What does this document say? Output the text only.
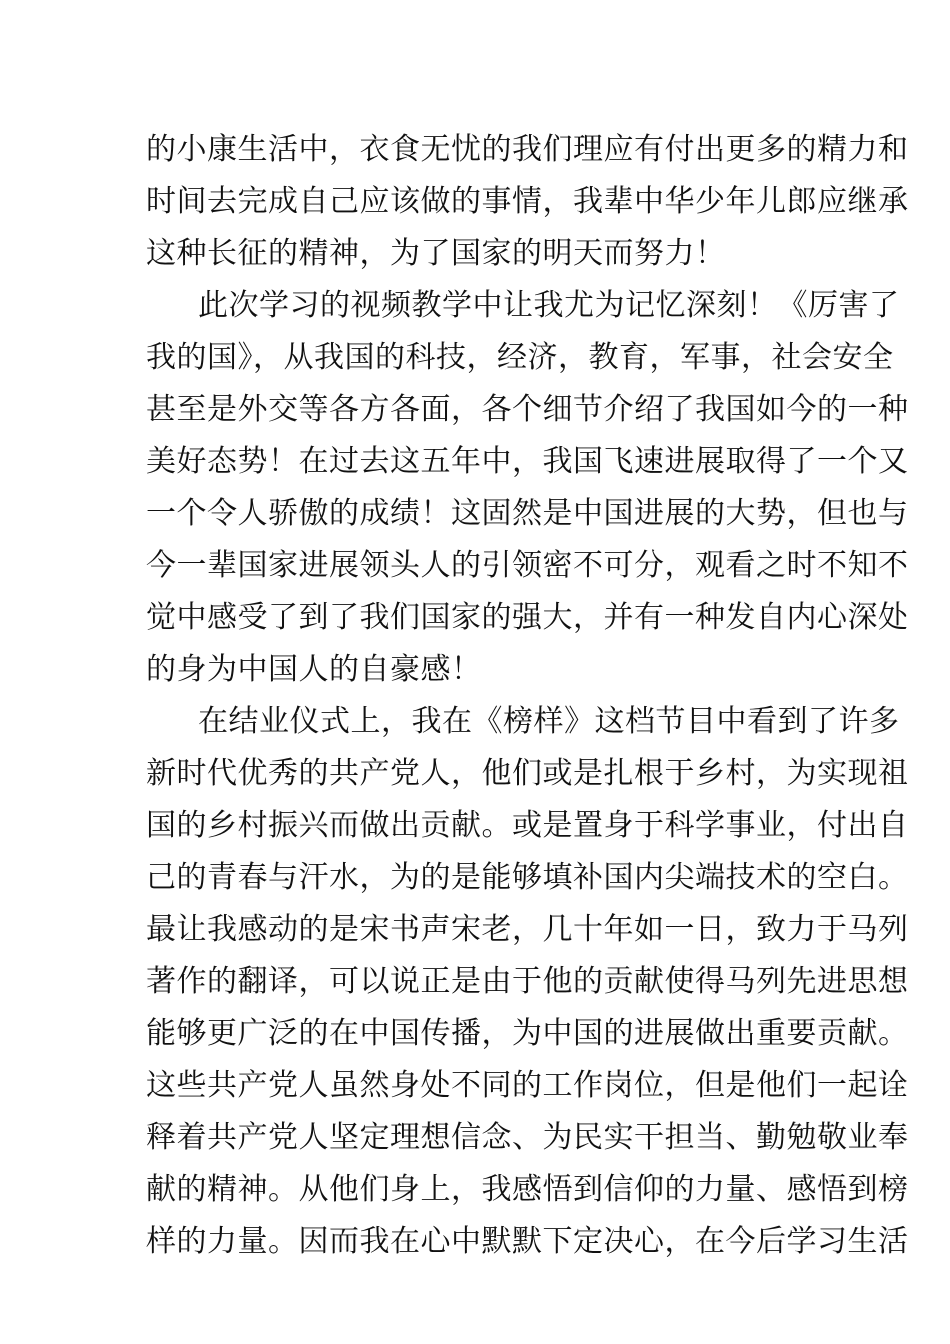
的小康生活中，衣食无忧的我们理应有付出更多的精力和
时间去完成自己应该做的事情，我辈中华少年儿郎应继承
这种长征的精神，为了国家的明天而努力！
此次学习的视频教学中让我尤为记忆深刻！《厉害了
我的国》，从我国的科技，经济，教育，军事，社会安全
甚至是外交等各方各面，各个细节介绍了我国如今的一种
美好态势！在过去这五年中，我国飞速进展取得了一个又
一个令人骄傲的成绩！这固然是中国进展的大势，但也与
今一辈国家进展领头人的引领密不可分，观看之时不知不
觉中感受了到了我们国家的强大，并有一种发自内心深处
的身为中国人的自豪感！
在结业仪式上，我在《榜样》这档节目中看到了许多
新时代优秀的共产党人，他们或是扎根于乡村，为实现祖
国的乡村振兴而做出贡献。或是置身于科学事业，付出自
己的青春与汗水，为的是能够填补国内尖端技术的空白。
最让我感动的是宋书声宋老，几十年如一日，致力于马列
著作的翻译，可以说正是由于他的贡献使得马列先进思想
能够更广泛的在中国传播，为中国的进展做出重要贡献。
这些共产党人虽然身处不同的工作岗位，但是他们一起诠
释着共产党人坚定理想信念、为民实干担当、勤勉敬业奉
献的精神。从他们身上，我感悟到信仰的力量、感悟到榜
样的力量。因而我在心中默默下定决心，在今后学习生活
